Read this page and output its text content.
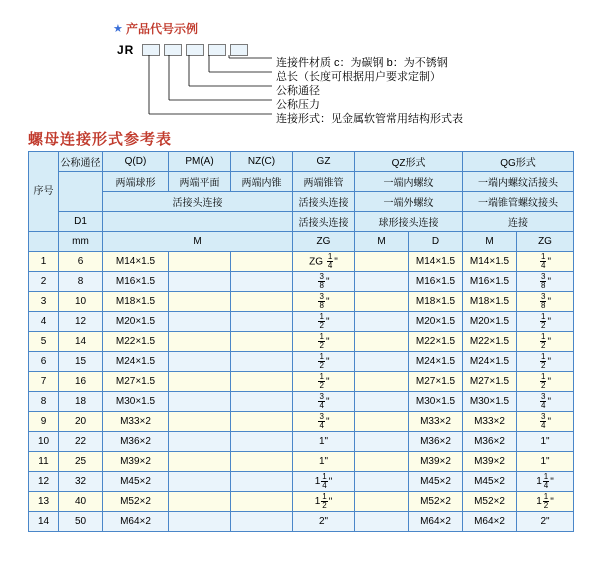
★ 产品代号示例
JR
连接件材质 c：为碳钢 b：为不锈钢
总长（长度可根据用户要求定制）
公称通径
公称压力
连接形式：见金属软管常用结构形式表
螺母连接形式参考表
序号	公称通径	Q(D)	PM(A)	NZ(C)	GZ	QZ形式		QG形式	
		两端球形	两端平面	两端内锥	两端锥管	一端内螺纹		一端内螺纹活接头	
		活接头连接			活接头连接	一端外螺纹		一端锥管螺纹接头	
	D1				活接头连接	球形接头连接		连接	
	mm	M			ZG	M	D	M	ZG
1	6	M14×1.5			ZG $\frac{1}{4}$ "		M14×1.5	M14×1.5	$\frac{1}{4}$ "
2	8	M16×1.5			$\frac{3}{8}$ "		M16×1.5	M16×1.5	$\frac{3}{8}$ "
3	10	M18×1.5			$\frac{3}{8}$ "		M18×1.5	M18×1.5	$\frac{3}{8}$ "
4	12	M20×1.5			$\frac{1}{2}$ "		M20×1.5	M20×1.5	$\frac{1}{2}$ "
5	14	M22×1.5			$\frac{1}{2}$ "		M22×1.5	M22×1.5	$\frac{1}{2}$ "
6	15	M24×1.5			$\frac{1}{2}$ "		M24×1.5	M24×1.5	$\frac{1}{2}$ "
7	16	M27×1.5			$\frac{1}{2}$ "		M27×1.5	M27×1.5	$\frac{1}{2}$ "
8	18	M30×1.5			$\frac{3}{4}$ "		M30×1.5	M30×1.5	$\frac{3}{4}$ "
9	20	M33×2			$\frac{3}{4}$ "		M33×2	M33×2	$\frac{3}{4}$ "
10	22	M36×2			1"		M36×2	M36×2	1"
11	25	M39×2			1"		M39×2	M39×2	1"
12	32	M45×2			$1 \frac{1}{4}$ "		M45×2	M45×2	$1 \frac{1}{4}$ "
13	40	M52×2			$1 \frac{1}{2}$ "		M52×2	M52×2	$1 \frac{1}{2}$ "
14	50	M64×2			2"		M64×2	M64×2	2"
